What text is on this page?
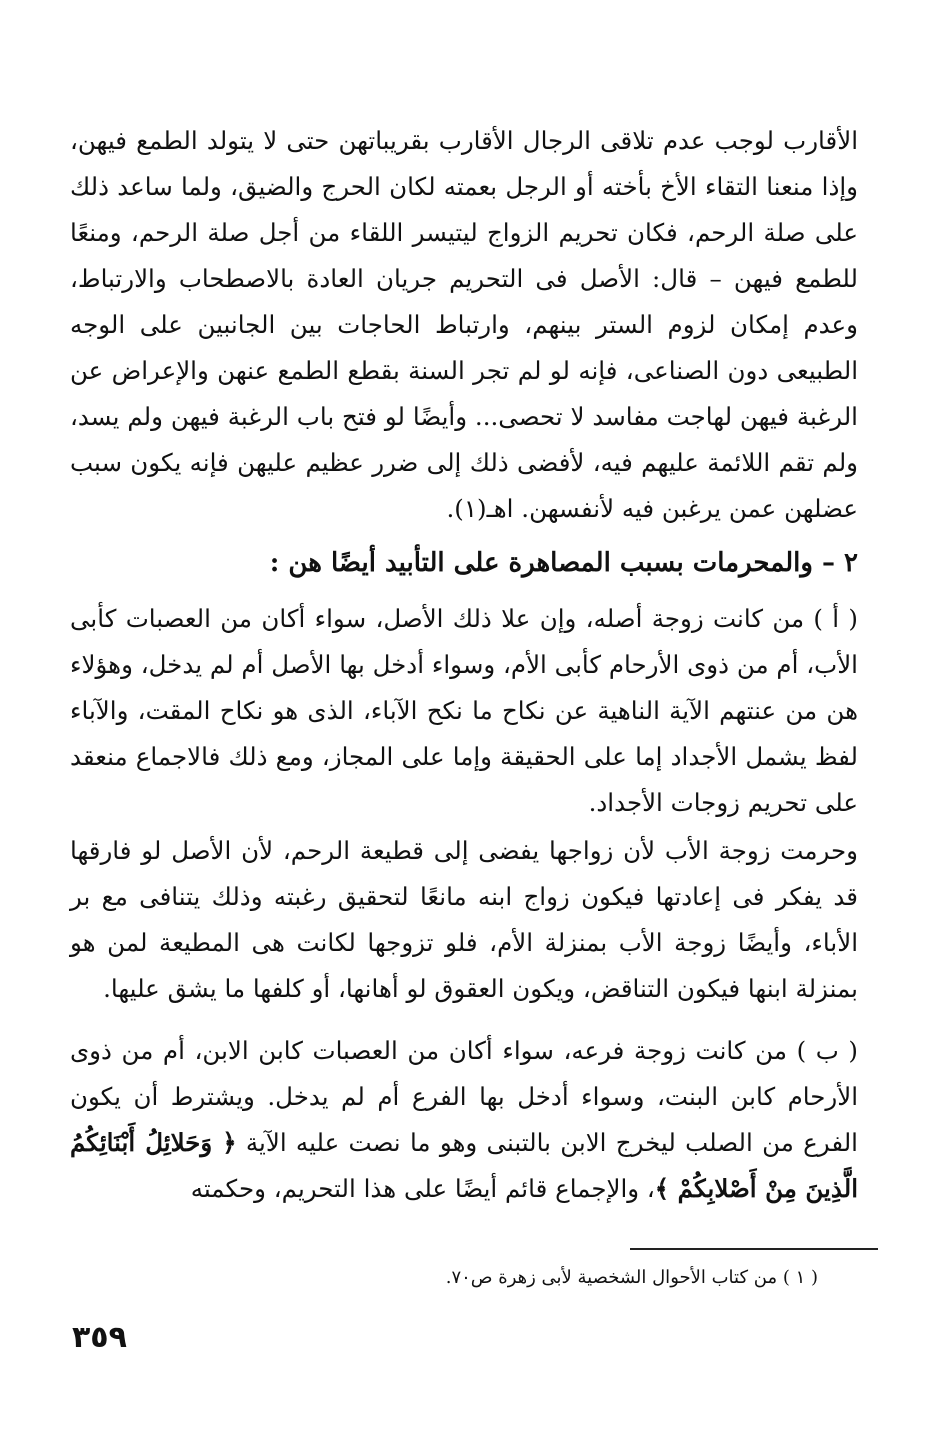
الأقارب لوجب عدم تلاقى الرجال الأقارب بقريباتهن حتى لا يتولد الطمع فيهن، وإذا منعنا التقاء الأخ بأخته أو الرجل بعمته لكان الحرج والضيق، ولما ساعد ذلك على صلة الرحم، فكان تحريم الزواج ليتيسر اللقاء من أجل صلة الرحم، ومنعًا للطمع فيهن – قال: الأصل فى التحريم جريان العادة بالاصطحاب والارتباط، وعدم إمكان لزوم الستر بينهم، وارتباط الحاجات بين الجانبين على الوجه الطبيعى دون الصناعى، فإنه لو لم تجر السنة بقطع الطمع عنهن والإعراض عن الرغبة فيهن لهاجت مفاسد لا تحصى... وأيضًا لو فتح باب الرغبة فيهن ولم يسد، ولم تقم اللائمة عليهم فيه، لأفضى ذلك إلى ضرر عظيم عليهن فإنه يكون سبب عضلهن عمن يرغبن فيه لأنفسهن. اهـ(١).

٢ – والمحرمات بسبب المصاهرة على التأبيد أيضًا هن :

( أ ) من كانت زوجة أصله، وإن علا ذلك الأصل، سواء أكان من العصبات كأبى الأب، أم من ذوى الأرحام كأبى الأم، وسواء أدخل بها الأصل أم لم يدخل، وهؤلاء هن من عنتهم الآية الناهية عن نكاح ما نكح الآباء، الذى هو نكاح المقت، والآباء لفظ يشمل الأجداد إما على الحقيقة وإما على المجاز، ومع ذلك فالاجماع منعقد على تحريم زوجات الأجداد.

وحرمت زوجة الأب لأن زواجها يفضى إلى قطيعة الرحم، لأن الأصل لو فارقها قد يفكر فى إعادتها فيكون زواج ابنه مانعًا لتحقيق رغبته وذلك يتنافى مع بر الأباء، وأيضًا زوجة الأب بمنزلة الأم، فلو تزوجها لكانت هى المطيعة لمن هو بمنزلة ابنها فيكون التناقض، ويكون العقوق لو أهانها، أو كلفها ما يشق عليها.

( ب ) من كانت زوجة فرعه، سواء أكان من العصبات كابن الابن، أم من ذوى الأرحام كابن البنت، وسواء أدخل بها الفرع أم لم يدخل. ويشترط أن يكون الفرع من الصلب ليخرج الابن بالتبنى وهو ما نصت عليه الآية ﴿ وَحَلائِلُ أَبْنَائِكُمُ الَّذِينَ مِنْ أَصْلابِكُمْ ﴾، والإجماع قائم أيضًا على هذا التحريم، وحكمته

( ١ ) من كتاب الأحوال الشخصية لأبى زهرة ص٧٠.

٣٥٩
